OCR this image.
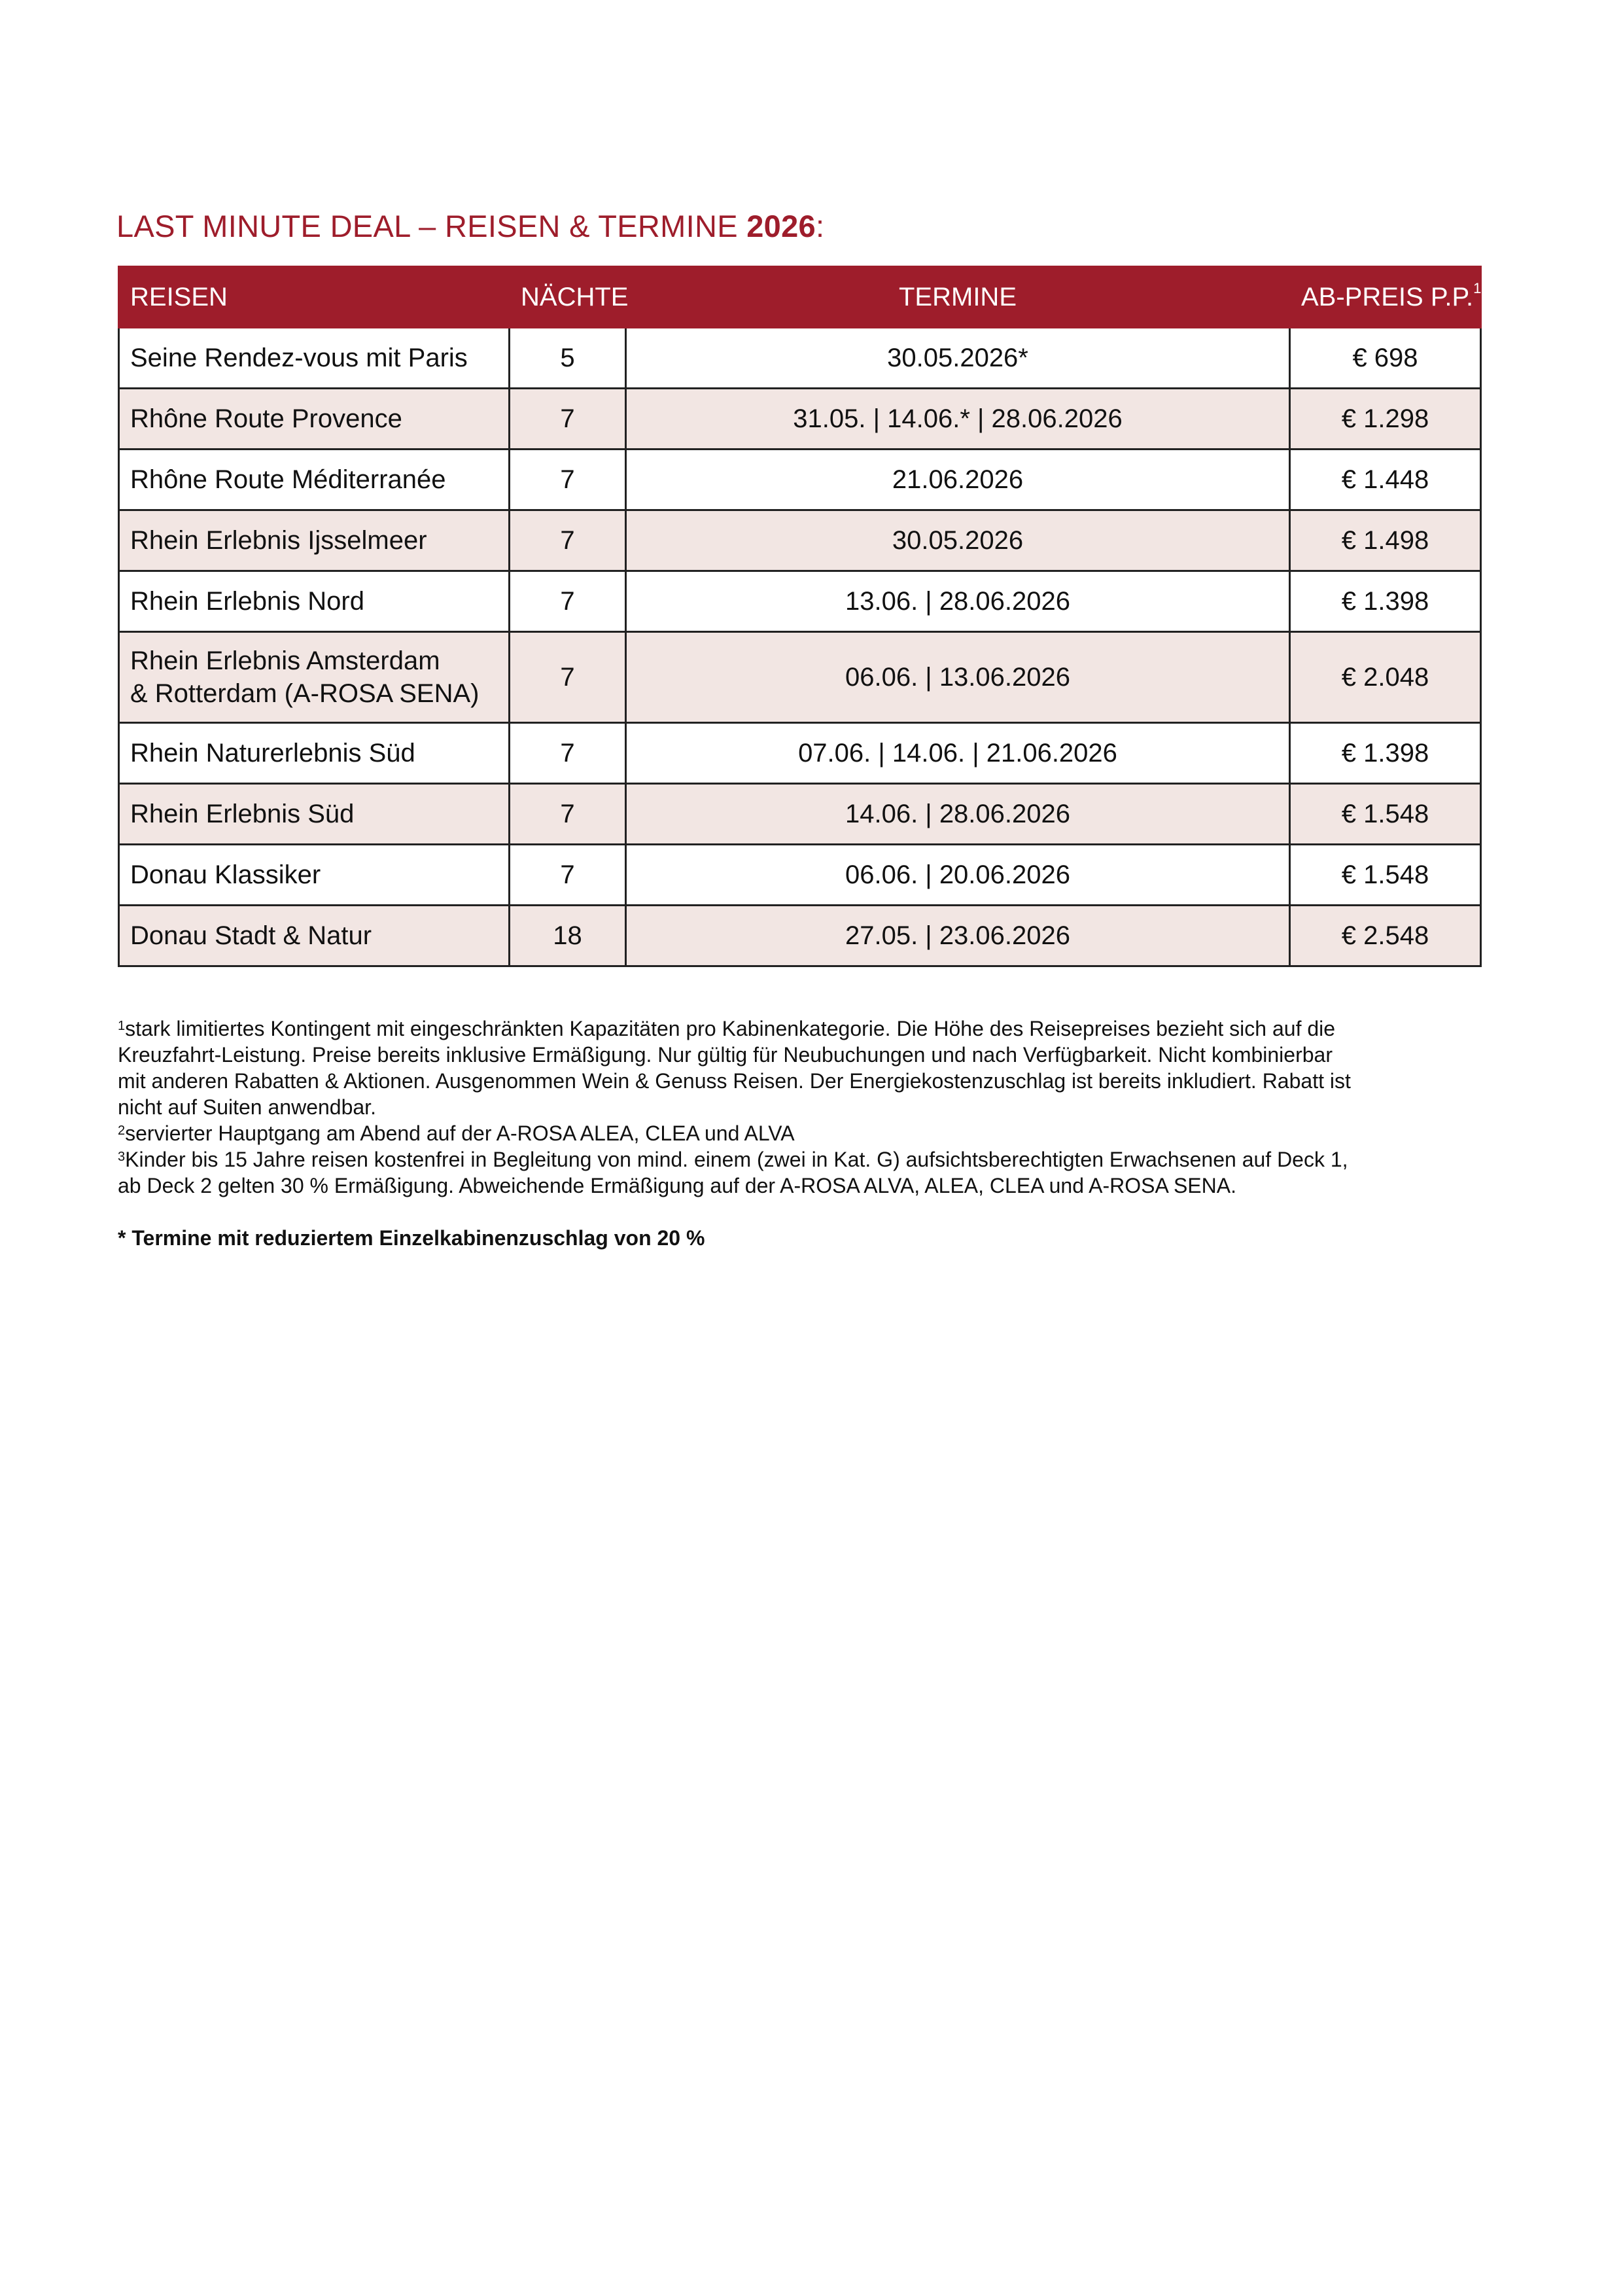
LAST MINUTE DEAL – REISEN & TERMINE 2026:
REISEN	NÄCHTE	TERMINE	AB-PREIS P.P.$^1$
Seine Rendez-vous mit Paris	5	30.05.2026*	€ 698
Rhône Route Provence	7	31.05. | 14.06.* | 28.06.2026	€ 1.298
Rhône Route Méditerranée	7	21.06.2026	€ 1.448
Rhein Erlebnis Ijsselmeer	7	30.05.2026	€ 1.498
Rhein Erlebnis Nord	7	13.06. | 28.06.2026	€ 1.398

Rhein Erlebnis Amsterdam
& Rotterdam (A-ROSA SENA)	7	06.06. | 13.06.2026	€ 2.048
Rhein Naturerlebnis Süd	7	07.06. | 14.06. | 21.06.2026	€ 1.398
Rhein Erlebnis Süd	7	14.06. | 28.06.2026	€ 1.548
Donau Klassiker	7	06.06. | 20.06.2026	€ 1.548
Donau Stadt & Natur	18	27.05. | 23.06.2026	€ 2.548

$^1$stark limitiertes Kontingent mit eingeschränkten Kapazitäten pro Kabinenkategorie. Die Höhe des Reisepreises bezieht sich auf die

Kreuzfahrt-Leistung. Preise bereits inklusive Ermäßigung. Nur gültig für Neubuchungen und nach Verfügbarkeit. Nicht kombinierbar

mit anderen Rabatten & Aktionen. Ausgenommen Wein & Genuss Reisen. Der Energiekostenzuschlag ist bereits inkludiert. Rabatt ist

nicht auf Suiten anwendbar.

$^2$servierter Hauptgang am Abend auf der A-ROSA ALEA, CLEA und ALVA

$^3$Kinder bis 15 Jahre reisen kostenfrei in Begleitung von mind. einem (zwei in Kat. G) aufsichtsberechtigten Erwachsenen auf Deck 1,

ab Deck 2 gelten 30 % Ermäßigung. Abweichende Ermäßigung auf der A-ROSA ALVA, ALEA, CLEA und A-ROSA SENA.

* Termine mit reduziertem Einzelkabinenzuschlag von 20 %
